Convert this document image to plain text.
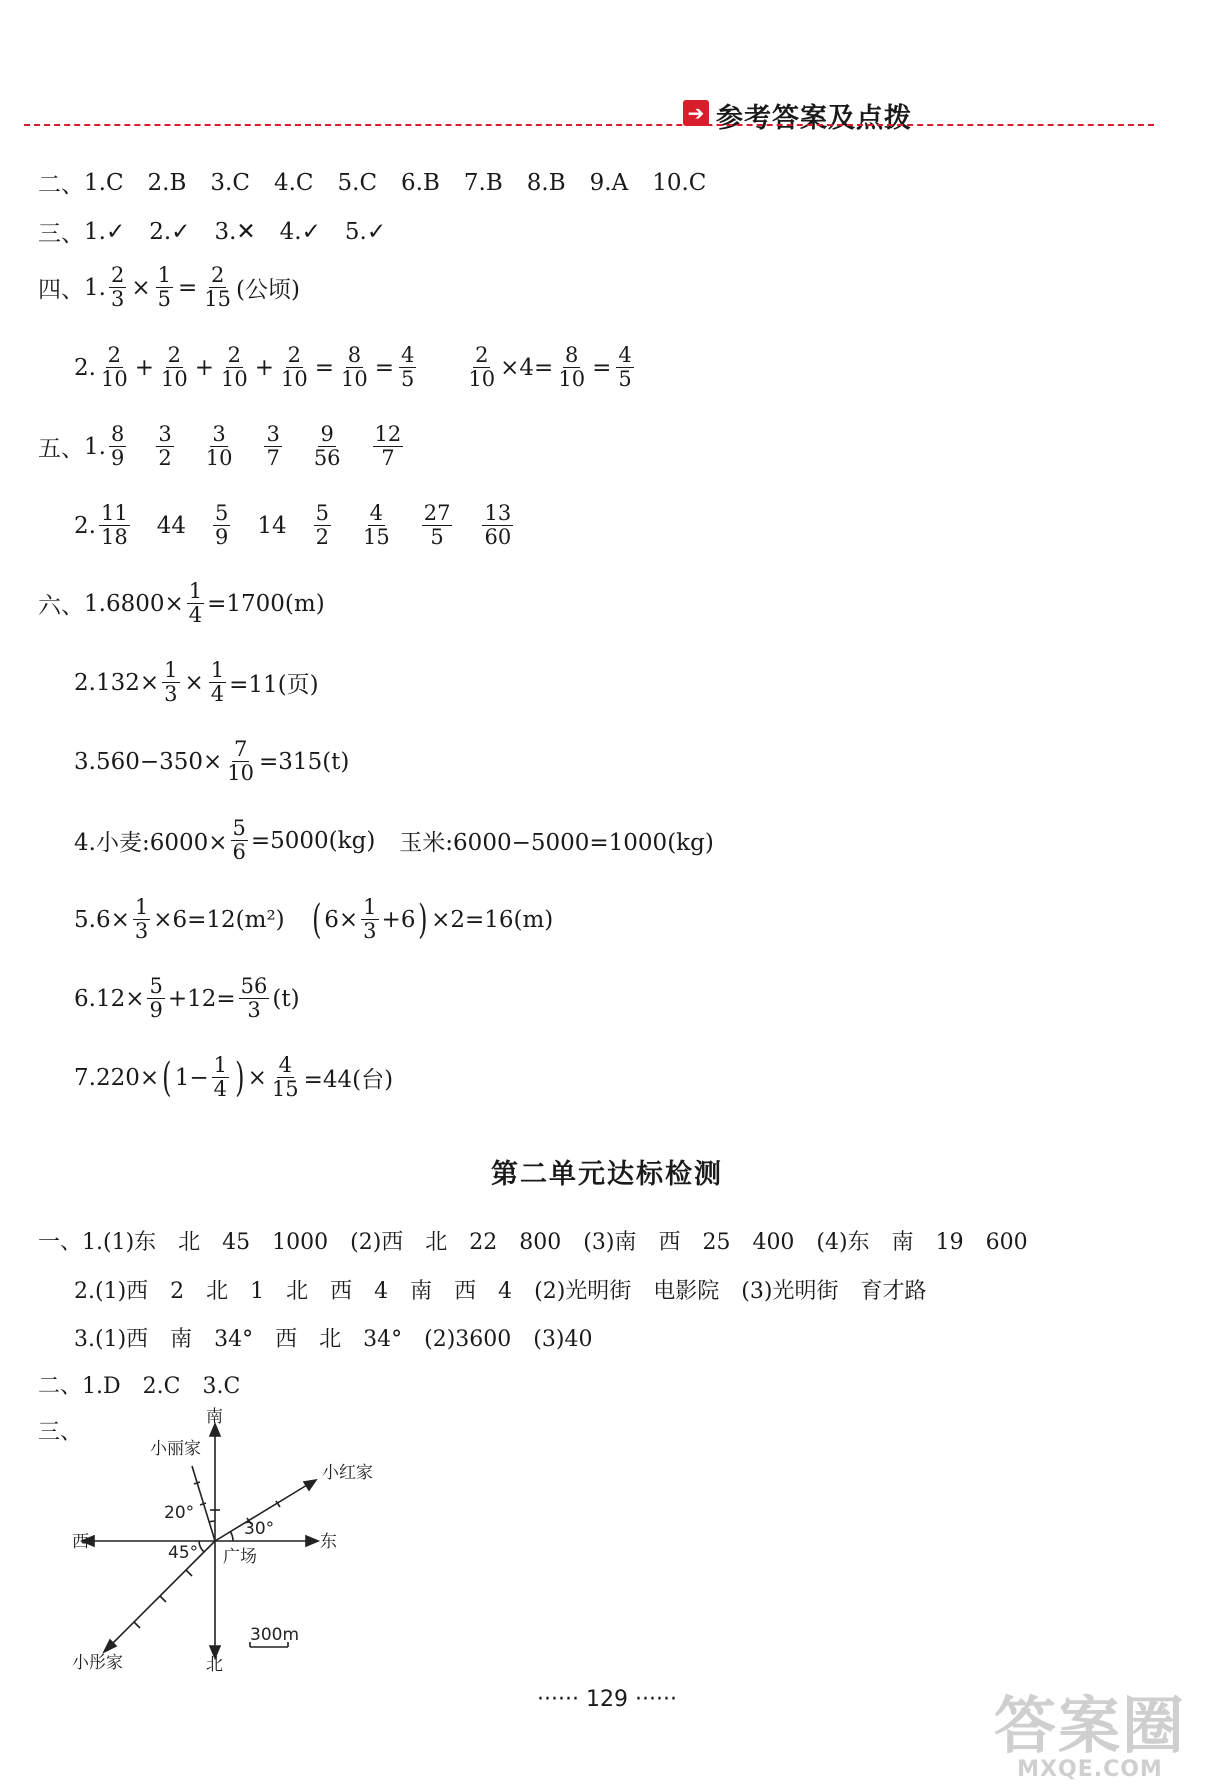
➔ 参考答案及点拨
二、 1.C 2.B 3.C 4.C 5.C 6.B 7.B 8.B 9.A 10.C
三、 1.✓ 2.✓ 3.✕ 4.✓ 5.✓
四、 1. $\frac{2}{3} \times \frac{1}{5} = \frac{2}{15}$ (公顷)
2. $\frac{2}{10} + \frac{2}{10} + \frac{2}{10} + \frac{2}{10} = \frac{8}{10} = \frac{4}{5} \frac{2}{10} \times 4= \frac{8}{10} = \frac{4}{5}$
五、 1. $\frac{8}{9} \frac{3}{2} \frac{3}{10} \frac{3}{7} \frac{9}{56} \frac{12}{7}$
2. $\frac{11}{18} 44 \frac{5}{9} 14 \frac{5}{2} \frac{4}{15} \frac{27}{5} \frac{13}{60}$
六、 $1.6800\times \frac{1}{4} =1700(m)$
$2.132\times \frac{1}{3} \times \frac{1}{4} =11$(页)
$3.560-350\times \frac{7}{10} =315(t)$
4.小麦:6000× $\frac{5}{6} =5000(kg)$ 玉米:6000−5000=1000(kg)
$5.6\times \frac{1}{3} \times 6=12(m^2)$ ( $6\times \frac{1}{3} +6$ ) ×2=16(m)
$6.12\times \frac{5}{9} +12= \frac{56}{3} (t)$
7.220× ( $1- \frac{1}{4}$ ) × $\frac{4}{15} =44$(台)
第二单元达标检测
一、1.(1)东　北　45　1000　(2)西　北　22　800　(3)南　西　25　400　(4)东　南　19　600
2.(1)西　2　北　1　北　西　4　南　西　4　(2)光明街　电影院　(3)光明街　育才路
3.(1)西　南　34°　西　北　34°　(2)3600　(3)40
二、1.D　2.C　3.C
三、
南
北
西	东
广场
小丽家
小红家
小彤家
20°
30°
45°
300m
······ 129 ······	答案圈
MXQE.COM
